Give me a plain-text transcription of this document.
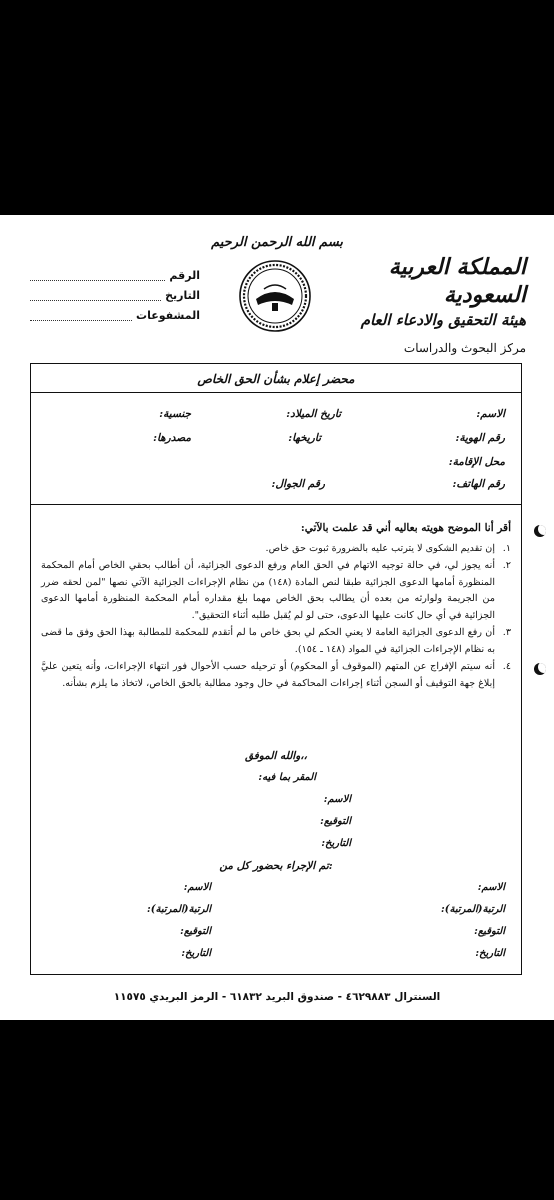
بسم الله الرحمن الرحيم
الرقم
التاريخ
المشفوعات
المملكة العربية السعودية
هيئة التحقيق والادعاء العام
مركز البحوث والدراسات
محضر إعلام بشأن الحق الخاص
الاسم:
تاريخ الميلاد:
جنسية:
رقم الهوية:
تاريخها:
مصدرها:
محل الإقامة:
رقم الهاتف:
رقم الجوال:
أقر أنا الموضح هويته بعاليه أني قد علمت بالآتي:
١.
إن تقديم الشكوى لا يترتب عليه بالضرورة ثبوت حق خاص.
٢.
أنه يجوز لي، في حالة توجيه الاتهام في الحق العام ورفع الدعوى الجزائية، أن أطالب بحقي الخاص أمام المحكمة المنظورة أمامها الدعوى الجزائية طبقا لنص المادة (١٤٨) من نظام الإجراءات الجزائية الآتي نصها "لمن لحقه ضرر من الجريمة ولوارثه من بعده أن يطالب بحق الخاص مهما بلغ مقداره أمام المحكمة المنظورة أمامها الدعوى الجزائية في أي حال كانت عليها الدعوى، حتى لو لم يُقبل طلبه أثناء التحقيق".
٣.
أن رفع الدعوى الجزائية العامة لا يعني الحكم لي بحق خاص ما لم أتقدم للمحكمة للمطالبة بهذا الحق وفق ما قضى به نظام الإجراءات الجزائية في المواد (١٤٨ ـ ١٥٤).
٤.
أنه سيتم الإفراج عن المتهم (الموقوف أو المحكوم) أو ترحيله حسب الأحوال فور انتهاء الإجراءات، وأنه يتعين عليَّ إبلاغ جهة التوقيف أو السجن أثناء إجراءات المحاكمة في حال وجود مطالبة بالحق الخاص، لاتخاذ ما يلزم بشأنه.
والله الموفق،،
المقر بما فيه:
الاسم:
التوقيع:
التاريخ:
تم الإجراء بحضور كل من:
الاسم:
الرتبة(المرتبة):
التوقيع:
التاريخ:
الاسم:
الرتبة(المرتبة):
التوقيع:
التاريخ:
السنترال ٤٦٢٩٨٨٣ - صندوق البريد ٦١٨٣٢ - الرمز البريدي ١١٥٧٥
